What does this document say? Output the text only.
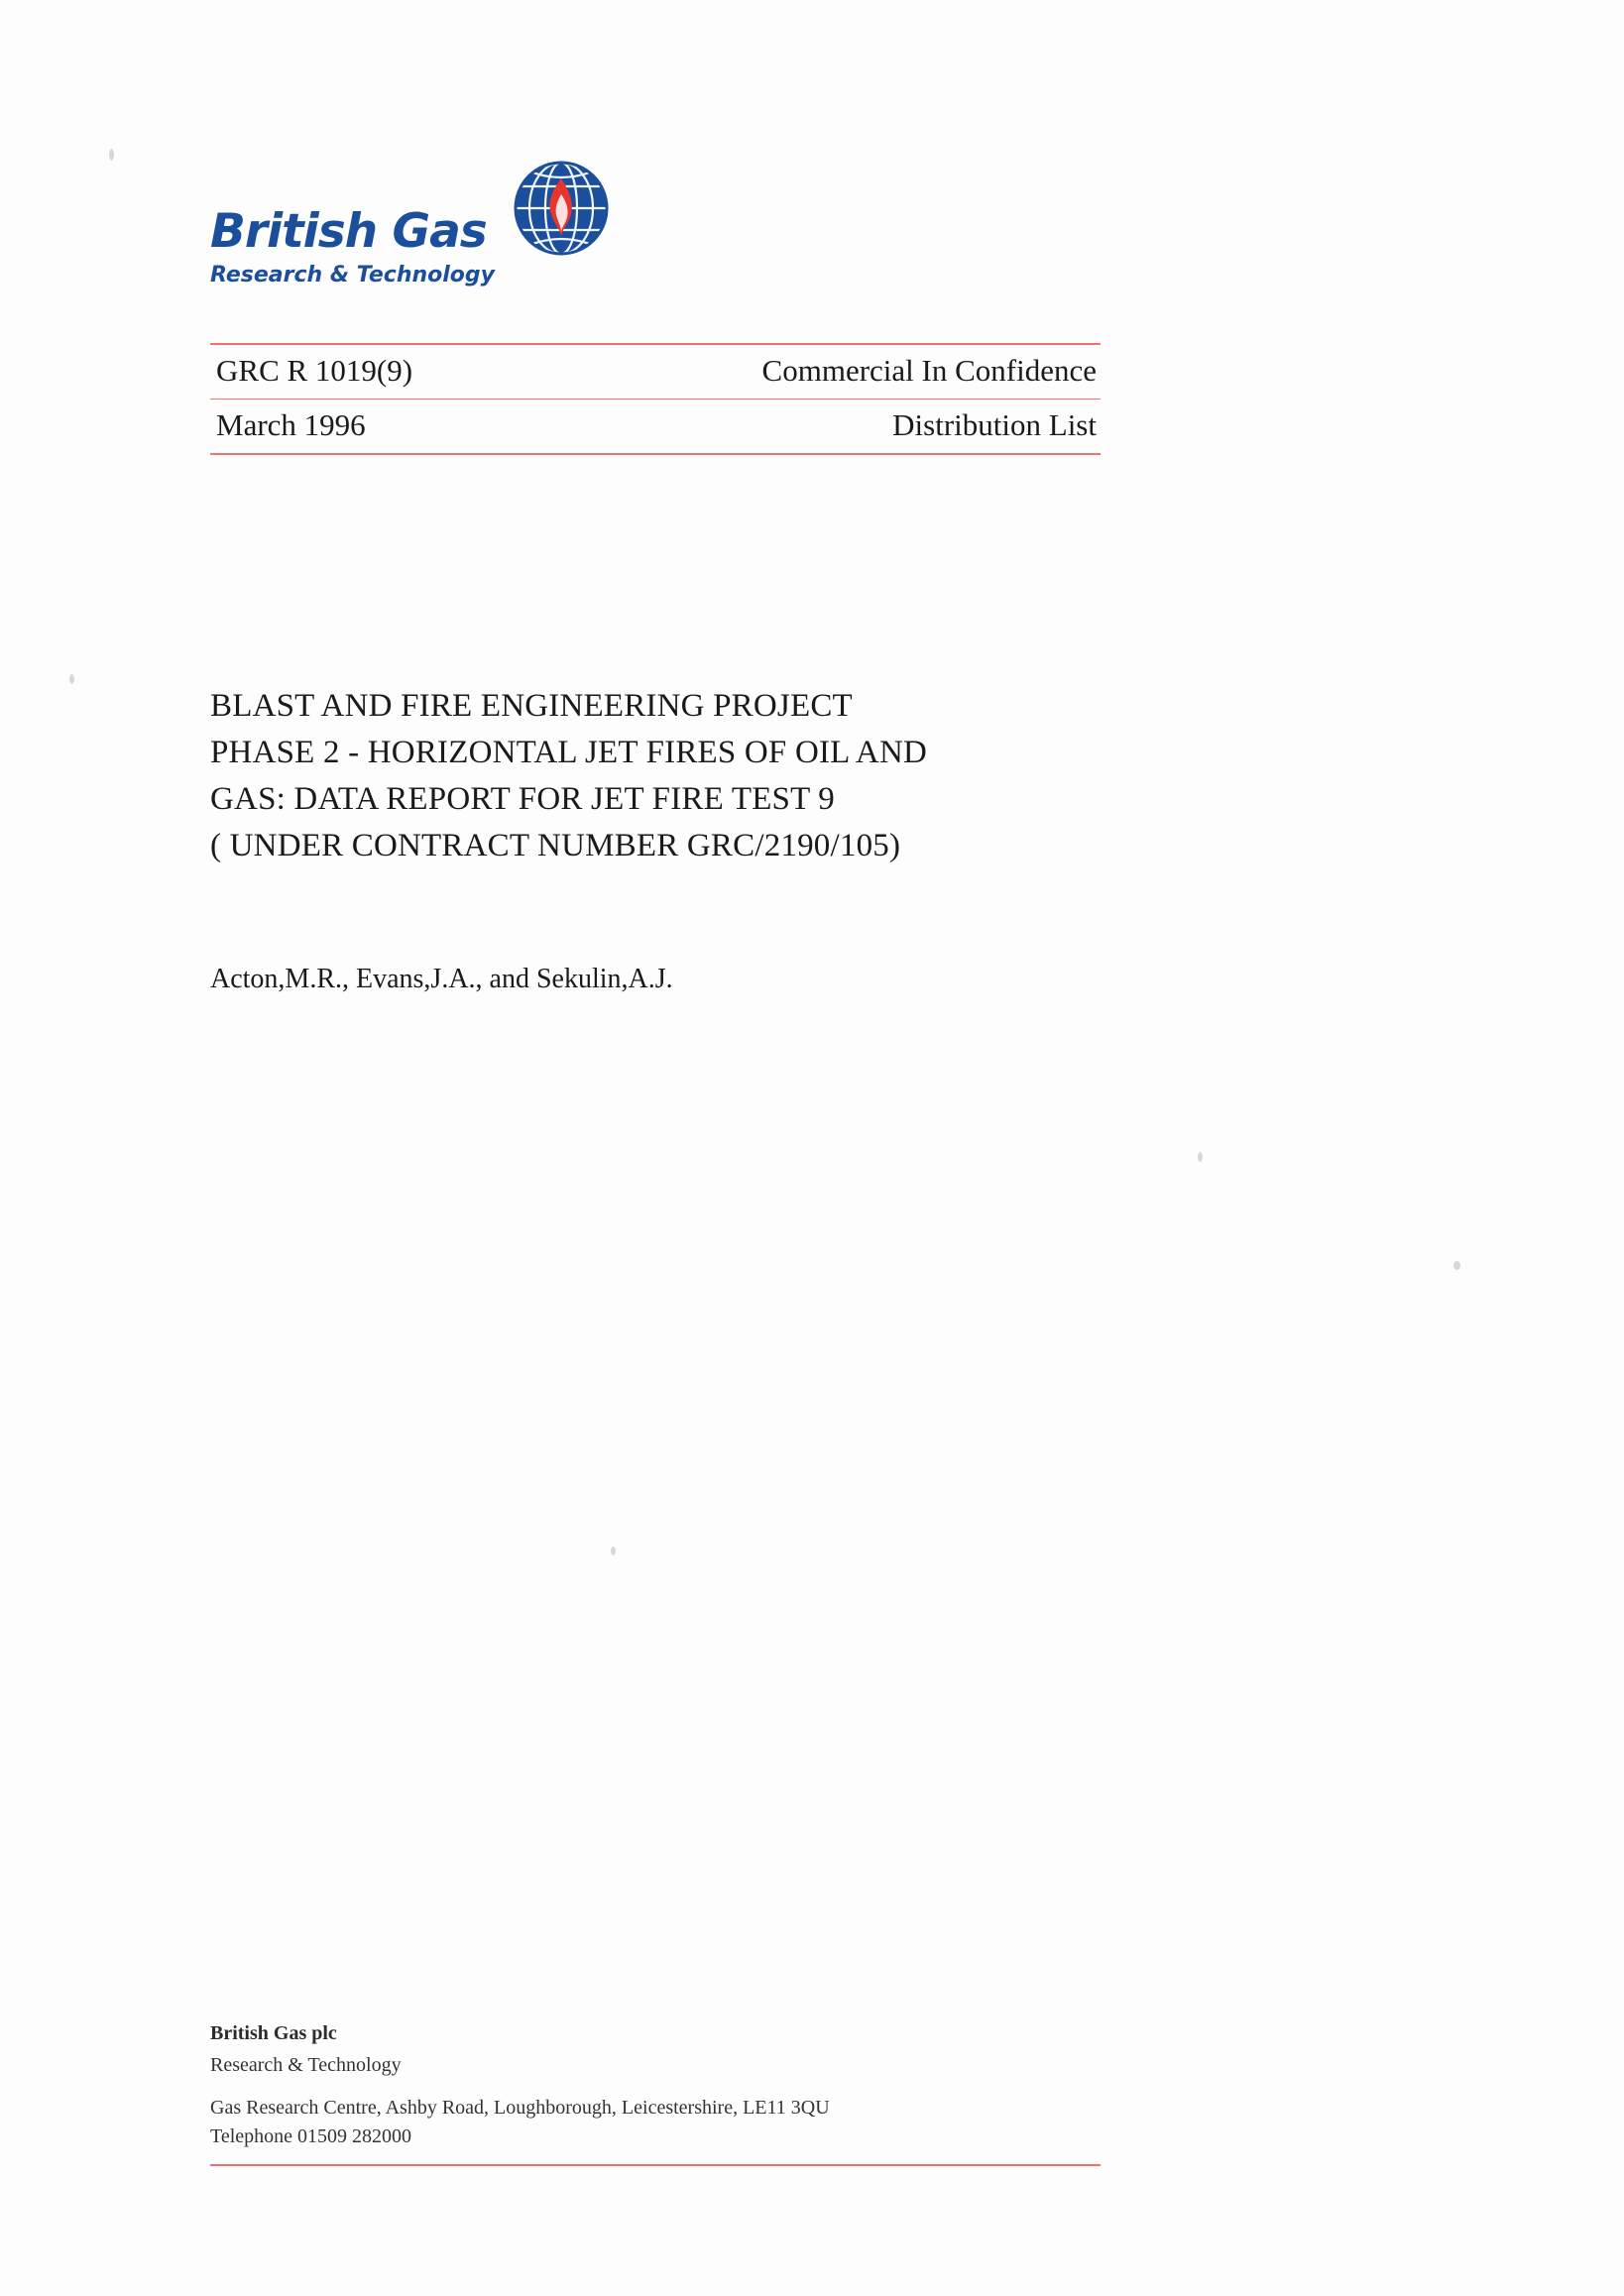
British Gas
Research & Technology
GRC R 1019(9)	Commercial In Confidence
March 1996	Distribution List
BLAST AND FIRE ENGINEERING PROJECT
PHASE 2 - HORIZONTAL JET FIRES OF OIL AND
GAS: DATA REPORT FOR JET FIRE TEST 9
( UNDER CONTRACT NUMBER GRC/2190/105)
Acton,M.R., Evans,J.A., and Sekulin,A.J.
British Gas plc
Research & Technology
Gas Research Centre, Ashby Road, Loughborough, Leicestershire, LE11 3QU
Telephone 01509 282000
